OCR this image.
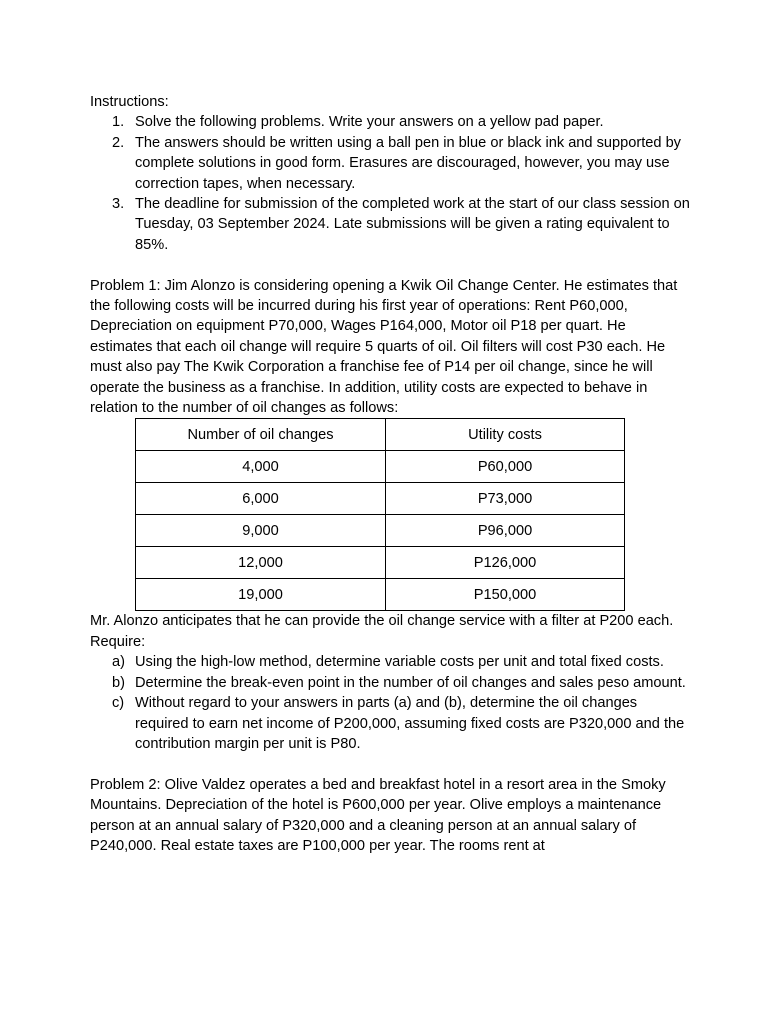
Instructions:

1. Solve the following problems. Write your answers on a yellow pad paper.
2. The answers should be written using a ball pen in blue or black ink and supported by complete solutions in good form. Erasures are discouraged, however, you may use correction tapes, when necessary.
3. The deadline for submission of the completed work at the start of our class session on Tuesday, 03 September 2024. Late submissions will be given a rating equivalent to 85%.

Problem 1: Jim Alonzo is considering opening a Kwik Oil Change Center. He estimates that the following costs will be incurred during his first year of operations: Rent P60,000, Depreciation on equipment P70,000, Wages P164,000, Motor oil P18 per quart. He estimates that each oil change will require 5 quarts of oil. Oil filters will cost P30 each. He must also pay The Kwik Corporation a franchise fee of P14 per oil change, since he will operate the business as a franchise. In addition, utility costs are expected to behave in relation to the number of oil changes as follows:

Number of oil changes	Utility costs
4,000	P60,000
6,000	P73,000
9,000	P96,000
12,000	P126,000
19,000	P150,000

Mr. Alonzo anticipates that he can provide the oil change service with a filter at P200 each.

Require:

a) Using the high-low method, determine variable costs per unit and total fixed costs.
b) Determine the break-even point in the number of oil changes and sales peso amount.
c) Without regard to your answers in parts (a) and (b), determine the oil changes required to earn net income of P200,000, assuming fixed costs are P320,000 and the contribution margin per unit is P80.

Problem 2: Olive Valdez operates a bed and breakfast hotel in a resort area in the Smoky Mountains. Depreciation of the hotel is P600,000 per year. Olive employs a maintenance person at an annual salary of P320,000 and a cleaning person at an annual salary of P240,000. Real estate taxes are P100,000 per year. The rooms rent at
